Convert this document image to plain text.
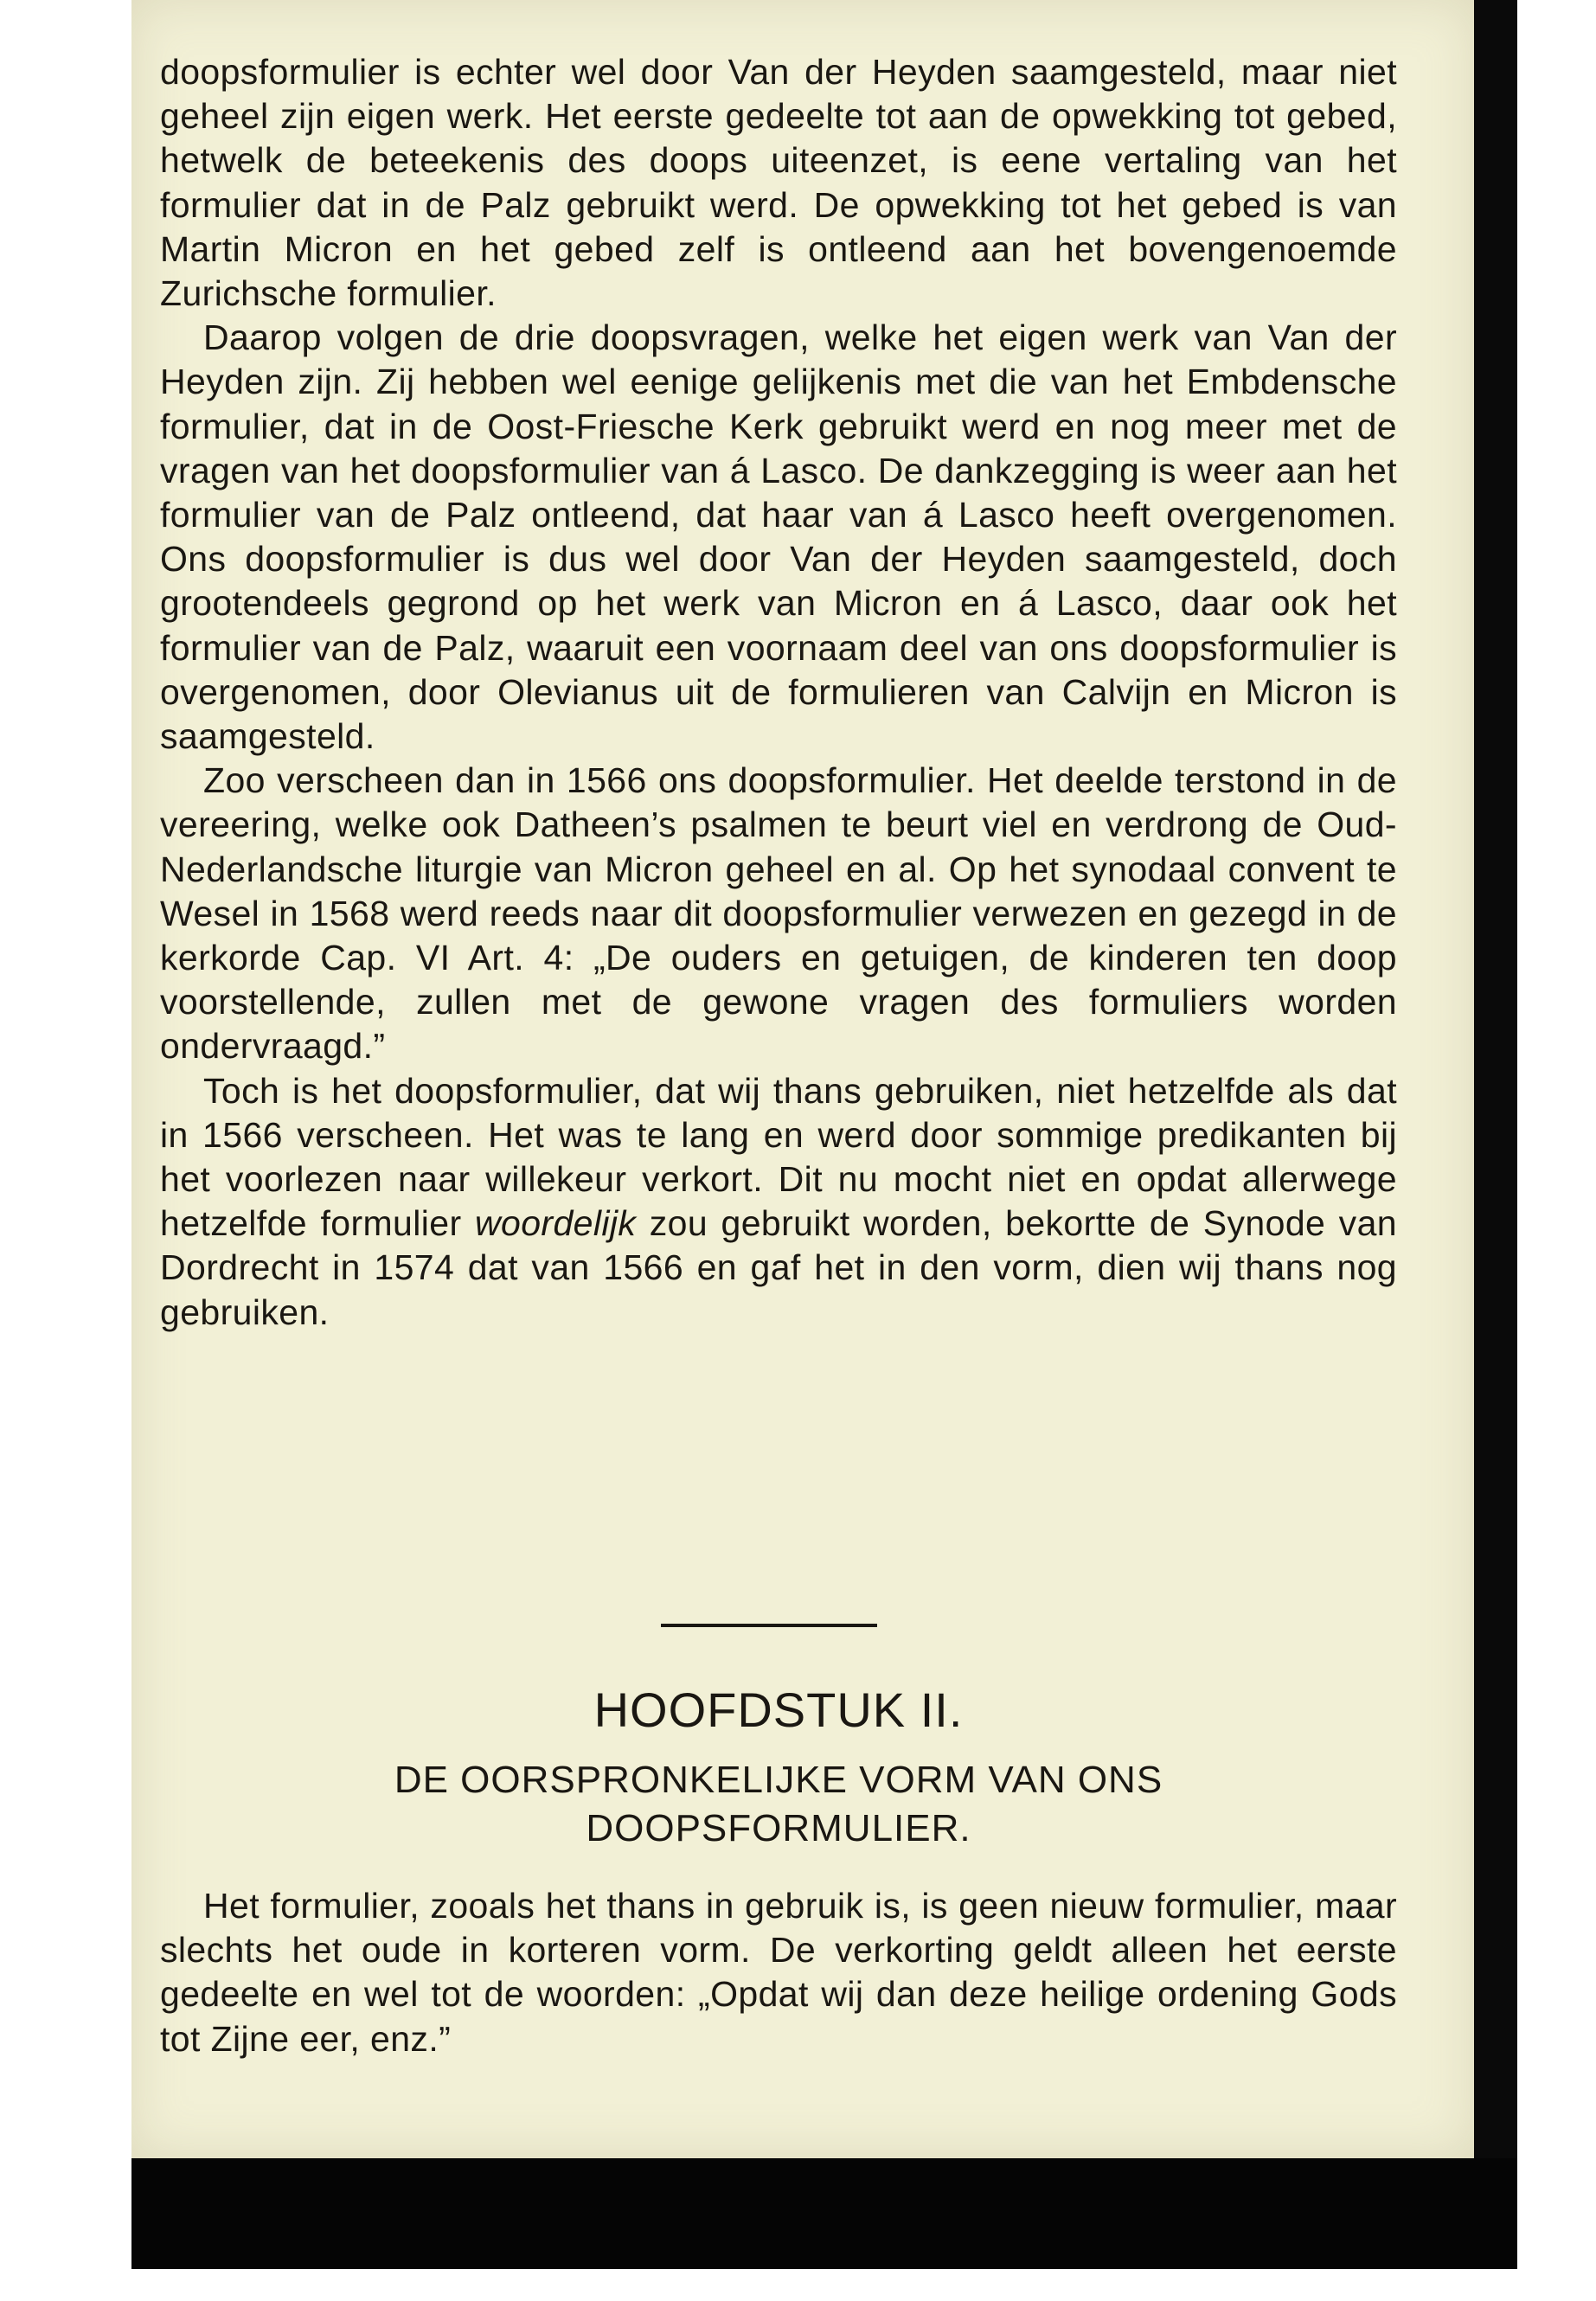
doopsformulier is echter wel door Van der Heyden saamgesteld, maar niet geheel zijn eigen werk. Het eerste gedeelte tot aan de opwekking tot gebed, hetwelk de beteekenis des doops uiteenzet, is eene vertaling van het formulier dat in de Palz gebruikt werd. De opwekking tot het gebed is van Martin Micron en het gebed zelf is ontleend aan het bovengenoemde Zurichsche formulier.

Daarop volgen de drie doopsvragen, welke het eigen werk van Van der Heyden zijn. Zij hebben wel eenige gelijkenis met die van het Embdensche formulier, dat in de Oost-Friesche Kerk gebruikt werd en nog meer met de vragen van het doopsformulier van á Lasco. De dankzegging is weer aan het formulier van de Palz ontleend, dat haar van á Lasco heeft overgenomen. Ons doopsformulier is dus wel door Van der Heyden saamgesteld, doch grootendeels gegrond op het werk van Micron en á Lasco, daar ook het formulier van de Palz, waaruit een voornaam deel van ons doopsformulier is overgenomen, door Olevianus uit de formulieren van Calvijn en Micron is saamgesteld.

Zoo verscheen dan in 1566 ons doopsformulier. Het deelde terstond in de vereering, welke ook Datheen’s psalmen te beurt viel en verdrong de Oud-Nederlandsche liturgie van Micron geheel en al. Op het synodaal convent te Wesel in 1568 werd reeds naar dit doopsformulier verwezen en gezegd in de kerkorde Cap. VI Art. 4: „De ouders en getuigen, de kinderen ten doop voorstellende, zullen met de gewone vragen des formuliers worden ondervraagd.”

Toch is het doopsformulier, dat wij thans gebruiken, niet hetzelfde als dat in 1566 verscheen. Het was te lang en werd door sommige predikanten bij het voorlezen naar willekeur verkort. Dit nu mocht niet en opdat allerwege hetzelfde formulier woordelijk zou gebruikt worden, bekortte de Synode van Dordrecht in 1574 dat van 1566 en gaf het in den vorm, dien wij thans nog gebruiken.

HOOFDSTUK II.
DE OORSPRONKELIJKE VORM VAN ONS
DOOPSFORMULIER.

Het formulier, zooals het thans in gebruik is, is geen nieuw formulier, maar slechts het oude in korteren vorm. De verkorting geldt alleen het eerste gedeelte en wel tot de woorden: „Opdat wij dan deze heilige ordening Gods tot Zijne eer, enz.”
